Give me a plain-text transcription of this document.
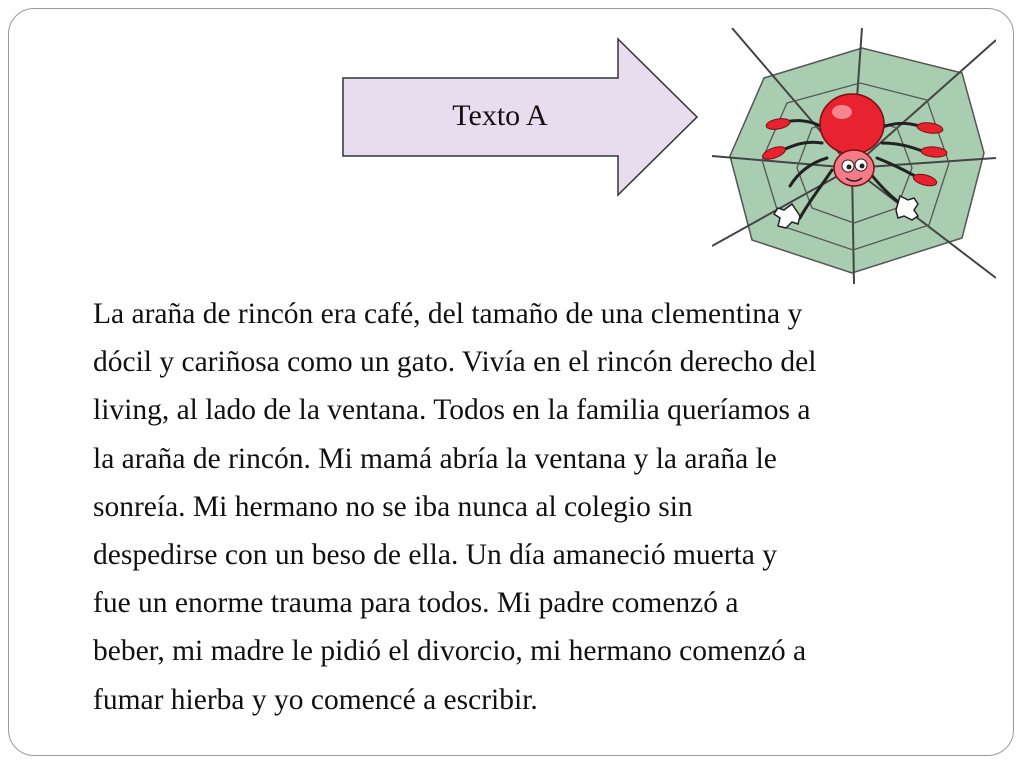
Texto A

La araña de rincón era café, del tamaño de una clementina y
dócil y cariñosa como un gato. Vivía en el rincón derecho del
living, al lado de la ventana. Todos en la familia queríamos a
la araña de rincón. Mi mamá abría la ventana y la araña le
sonreía. Mi hermano no se iba nunca al colegio sin
despedirse con un beso de ella. Un día amaneció muerta y
fue un enorme trauma para todos. Mi padre comenzó a
beber, mi madre le pidió el divorcio, mi hermano comenzó a
fumar hierba y yo comencé a escribir.
